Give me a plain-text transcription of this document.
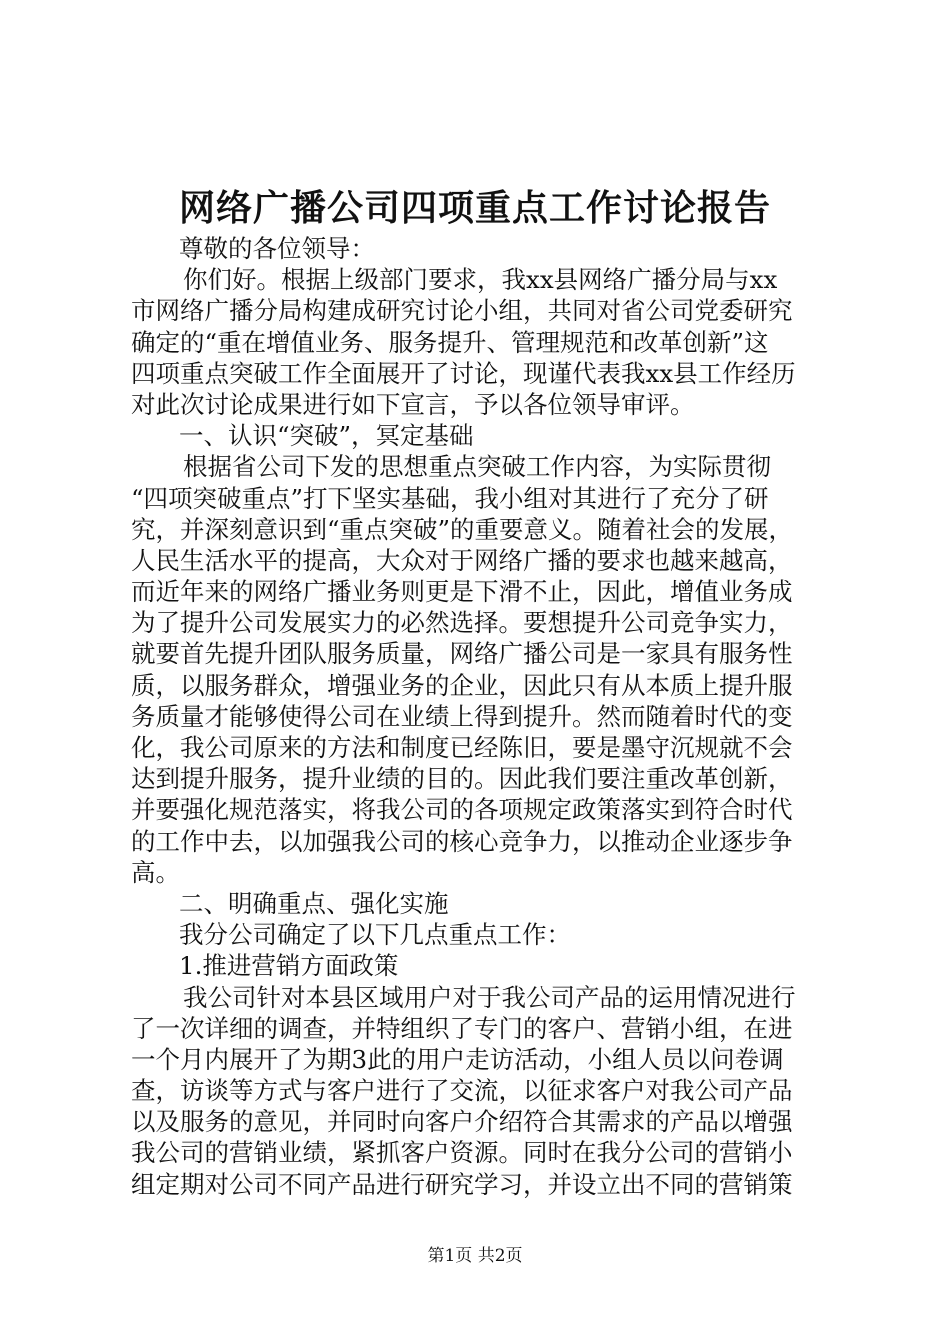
网络广播公司四项重点工作讨论报告
尊敬的各位领导：
你们好。根据上级部门要求，我xx县网络广播分局与xx
市网络广播分局构建成研究讨论小组，共同对省公司党委研究
确定的“重在增值业务、服务提升、管理规范和改革创新”这
四项重点突破工作全面展开了讨论，现谨代表我xx县工作经历
对此次讨论成果进行如下宣言，予以各位领导审评。
一、认识“突破”，冥定基础
根据省公司下发的思想重点突破工作内容，为实际贯彻
“四项突破重点”打下坚实基础，我小组对其进行了充分了研
究，并深刻意识到“重点突破”的重要意义。随着社会的发展，
人民生活水平的提高，大众对于网络广播的要求也越来越高，
而近年来的网络广播业务则更是下滑不止，因此，增值业务成
为了提升公司发展实力的必然选择。要想提升公司竞争实力，
就要首先提升团队服务质量，网络广播公司是一家具有服务性
质，以服务群众，增强业务的企业，因此只有从本质上提升服
务质量才能够使得公司在业绩上得到提升。然而随着时代的变
化，我公司原来的方法和制度已经陈旧，要是墨守沉规就不会
达到提升服务，提升业绩的目的。因此我们要注重改革创新，
并要强化规范落实，将我公司的各项规定政策落实到符合时代
的工作中去，以加强我公司的核心竞争力，以推动企业逐步争
高。
二、明确重点、强化实施
我分公司确定了以下几点重点工作：
1.推进营销方面政策
我公司针对本县区域用户对于我公司产品的运用情况进行
了一次详细的调查，并特组织了专门的客户、营销小组，在进
一个月内展开了为期3此的用户走访活动，小组人员以问卷调
查，访谈等方式与客户进行了交流，以征求客户对我公司产品
以及服务的意见，并同时向客户介绍符合其需求的产品以增强
我公司的营销业绩，紧抓客户资源。同时在我分公司的营销小
组定期对公司不同产品进行研究学习，并设立出不同的营销策
第1页 共2页
